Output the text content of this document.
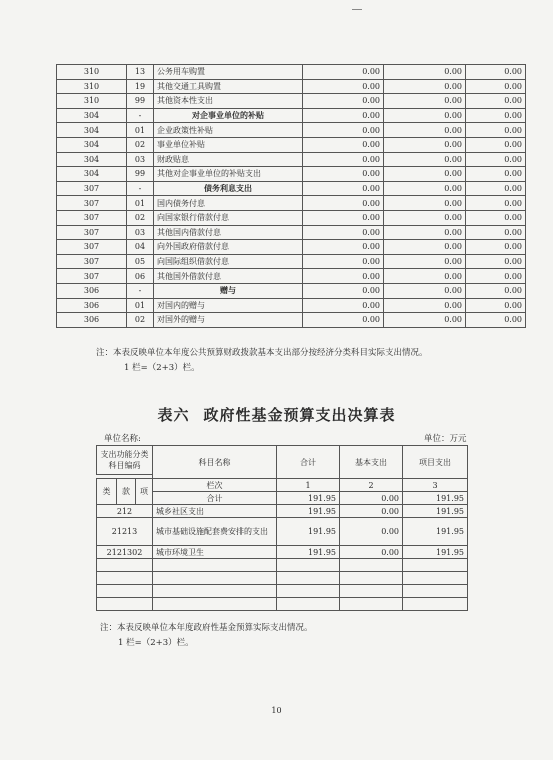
310	13	公务用车购置	0.00	0.00	0.00
310	19	其他交通工具购置	0.00	0.00	0.00
310	99	其他资本性支出	0.00	0.00	0.00
304	-	对企事业单位的补贴	0.00	0.00	0.00
304	01	企业政策性补贴	0.00	0.00	0.00
304	02	事业单位补贴	0.00	0.00	0.00
304	03	财政贴息	0.00	0.00	0.00
304	99	其他对企事业单位的补贴支出	0.00	0.00	0.00
307	-	债务利息支出	0.00	0.00	0.00
307	01	国内债务付息	0.00	0.00	0.00
307	02	向国家银行借款付息	0.00	0.00	0.00
307	03	其他国内借款付息	0.00	0.00	0.00
307	04	向外国政府借款付息	0.00	0.00	0.00
307	05	向国际组织借款付息	0.00	0.00	0.00
307	06	其他国外借款付息	0.00	0.00	0.00
306	-	赠与	0.00	0.00	0.00
306	01	对国内的赠与	0.00	0.00	0.00
306	02	对国外的赠与	0.00	0.00	0.00
注：本表反映单位本年度公共预算财政拨款基本支出部分按经济分类科目实际支出情况。
1 栏=（2+3）栏。
表六 政府性基金预算支出决算表
单位名称:	单位：万元
支出功能分类科目编码			科目名称	合计	基本支出	项目支出

类	款	项	栏次	1	2	3
			合计	191.95	0.00	191.95
212			城乡社区支出	191.95	0.00	191.95
21213			城市基础设施配套费安排的支出	191.95	0.00	191.95
2121302			城市环境卫生	191.95	0.00	191.95

注：本表反映单位本年度政府性基金预算实际支出情况。
1 栏=（2+3）栏。
10
